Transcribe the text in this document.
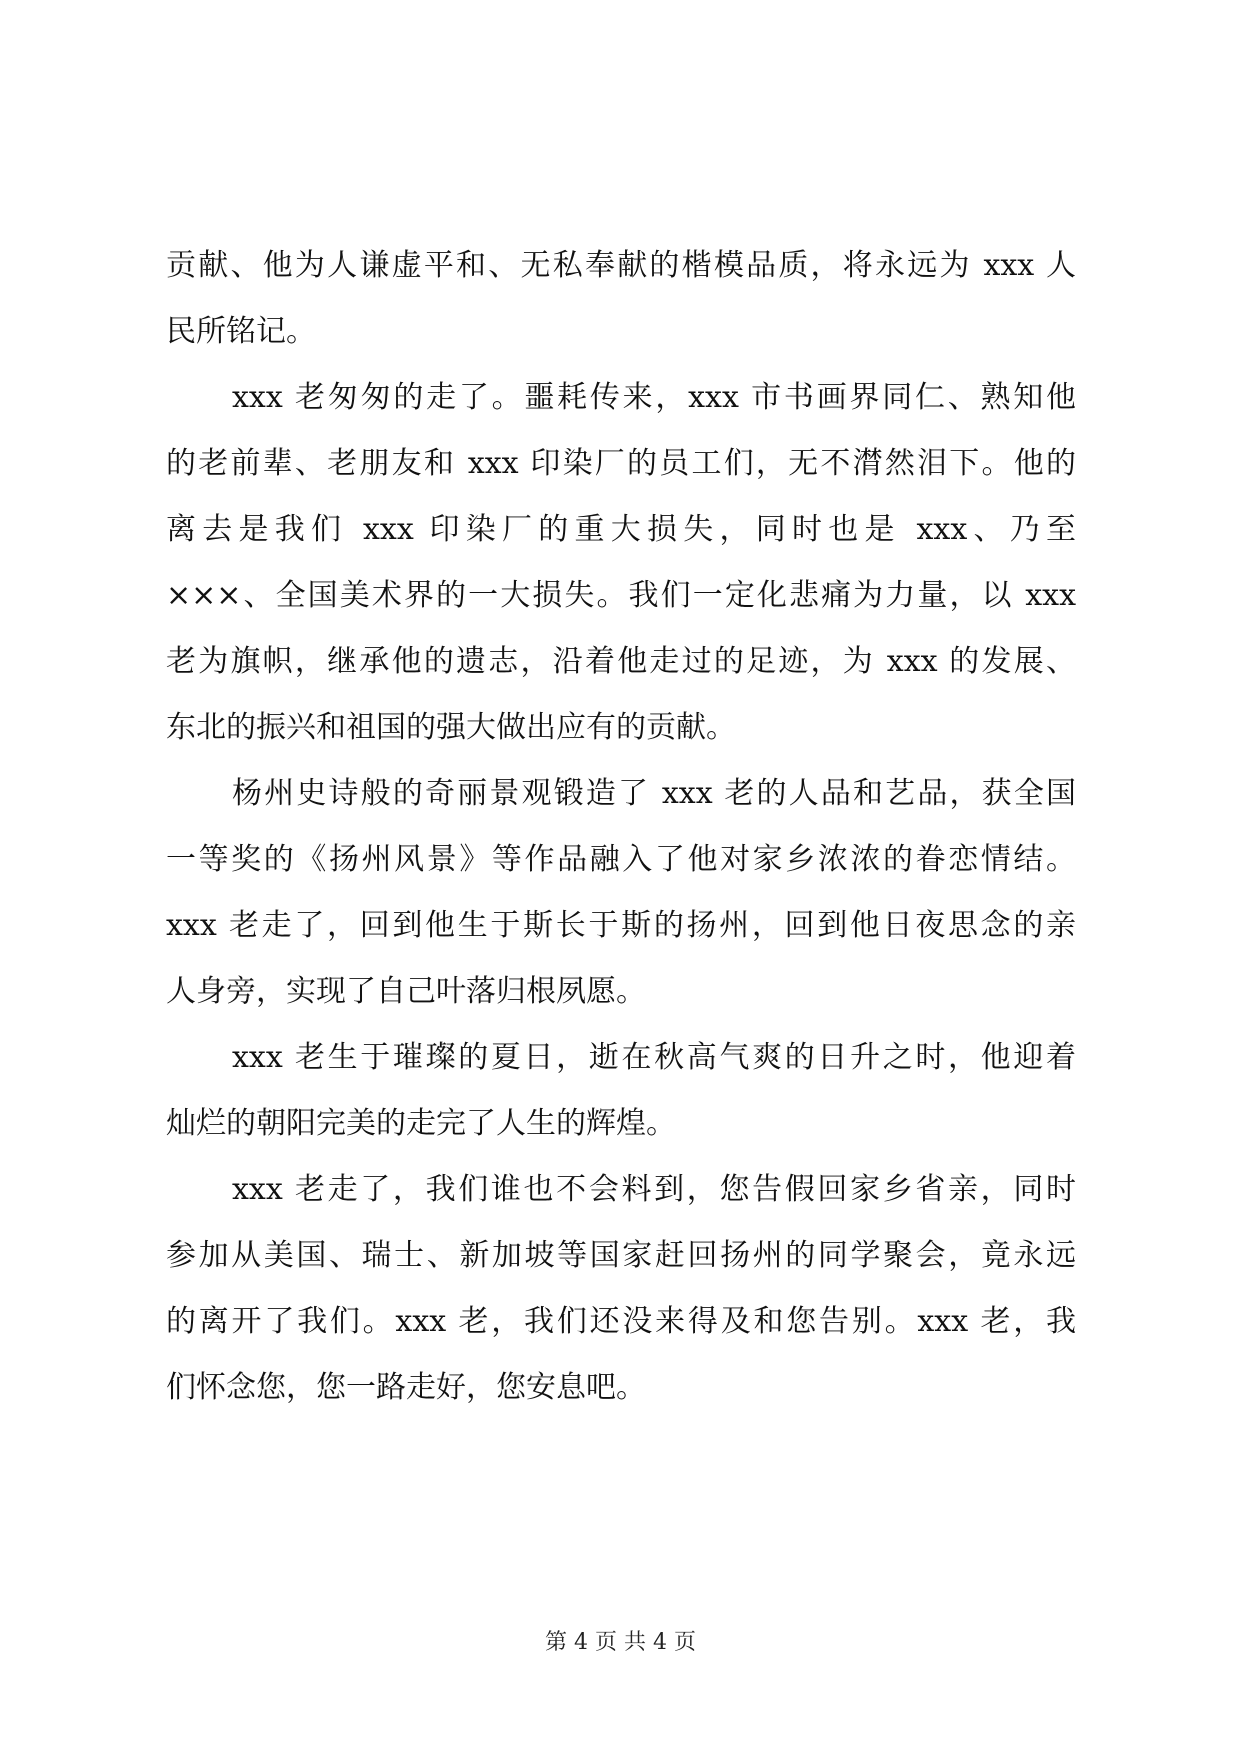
贡献、他为人谦虚平和、无私奉献的楷模品质，将永远为 xxx 人
民所铭记。
xxx 老匆匆的走了。噩耗传来，xxx 市书画界同仁、熟知他
的老前辈、老朋友和 xxx 印染厂的员工们，无不潸然泪下。他的
离去是我们 xxx 印染厂的重大损失，同时也是 xxx、乃至
×××、全国美术界的一大损失。我们一定化悲痛为力量，以 xxx
老为旗帜，继承他的遗志，沿着他走过的足迹，为 xxx 的发展、
东北的振兴和祖国的强大做出应有的贡献。
杨州史诗般的奇丽景观锻造了 xxx 老的人品和艺品，获全国
一等奖的《扬州风景》等作品融入了他对家乡浓浓的眷恋情结。
xxx 老走了，回到他生于斯长于斯的扬州，回到他日夜思念的亲
人身旁，实现了自己叶落归根夙愿。
xxx 老生于璀璨的夏日，逝在秋高气爽的日升之时，他迎着
灿烂的朝阳完美的走完了人生的辉煌。
xxx 老走了，我们谁也不会料到，您告假回家乡省亲，同时
参加从美国、瑞士、新加坡等国家赶回扬州的同学聚会，竟永远
的离开了我们。xxx 老，我们还没来得及和您告别。xxx 老，我
们怀念您，您一路走好，您安息吧。
第 4 页 共 4 页
